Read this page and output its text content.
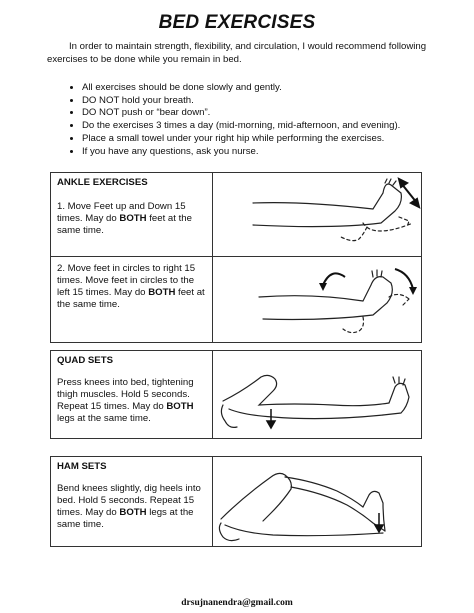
BED EXERCISES
In order to maintain strength, flexibility, and circulation, I would recommend following exercises to be done while you remain in bed.
• All exercises should be done slowly and gently.
• DO NOT hold your breath.
• DO NOT push or “bear down”.
• Do the exercises 3 times a day (mid-morning, mid-afternoon, and evening).
• Place a small towel under your right hip while performing the exercises.
• If you have any questions, ask you nurse.
ANKLE EXERCISES
1. Move Feet up and Down 15 times. May do BOTH feet at the same time.
2. Move feet in circles to right 15 times. Move feet in circles to the left 15 times. May do BOTH feet at the same time.
QUAD SETS
Press knees into bed, tightening thigh muscles. Hold 5 seconds. Repeat 15 times. May do BOTH legs at the same time.
HAM SETS
Bend knees slightly, dig heels into bed. Hold 5 seconds. Repeat 15 times. May do BOTH legs at the same time.
drsujnanendra@gmail.com
